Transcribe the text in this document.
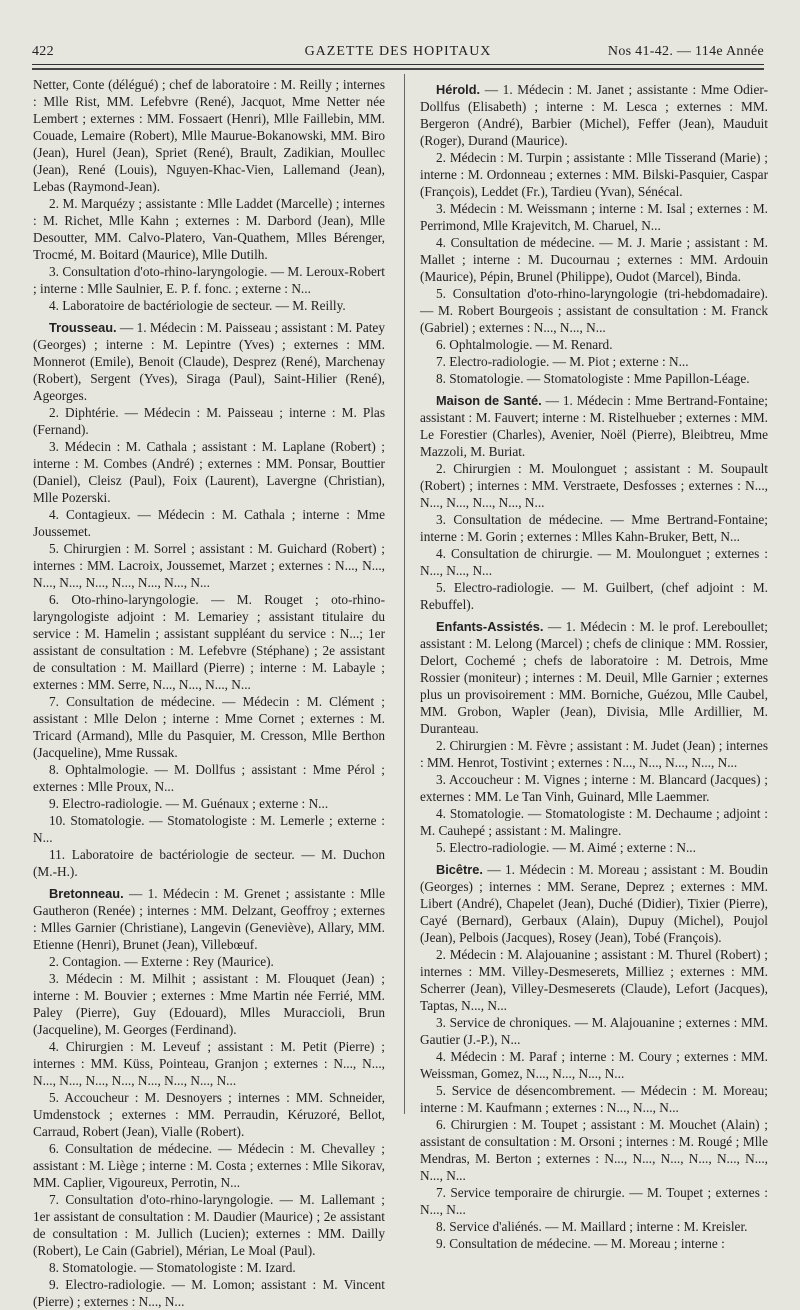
422	GAZETTE DES HOPITAUX	Nos 41-42. — 114e Année

Netter, Conte (délégué) ; chef de laboratoire : M. Reilly ; internes : Mlle Rist, MM. Lefebvre (René), Jacquot, Mme Netter née Lembert ; externes : MM. Fossaert (Henri), Mlle Faillebin, MM. Couade, Lemaire (Robert), Mlle Maurue-Bokanowski, MM. Biro (Jean), Hurel (Jean), Spriet (René), Brault, Zadikian, Moullec (Jean), René (Louis), Nguyen-Khac-Vien, Lallemand (Jean), Lebas (Raymond-Jean).

2. M. Marquézy ; assistante : Mlle Laddet (Marcelle) ; internes : M. Richet, Mlle Kahn ; externes : M. Darbord (Jean), Mlle Desoutter, MM. Calvo-Platero, Van-Quathem, Mlles Bérenger, Trocmé, M. Boitard (Maurice), Mlle Dutilh.

3. Consultation d'oto-rhino-laryngologie. — M. Leroux-Robert ; interne : Mlle Saulnier, E. P. f. fonc. ; externe : N...

4. Laboratoire de bactériologie de secteur. — M. Reilly.

Trousseau. — 1. Médecin : M. Paisseau ; assistant : M. Patey (Georges) ; interne : M. Lepintre (Yves) ; externes : MM. Monnerot (Emile), Benoit (Claude), Desprez (René), Marchenay (Robert), Sergent (Yves), Siraga (Paul), Saint-Hilier (René), Ageorges.

2. Diphtérie. — Médecin : M. Paisseau ; interne : M. Plas (Fernand).

3. Médecin : M. Cathala ; assistant : M. Laplane (Robert) ; interne : M. Combes (André) ; externes : MM. Ponsar, Bouttier (Daniel), Cleisz (Paul), Foix (Laurent), Lavergne (Christian), Mlle Pozerski.

4. Contagieux. — Médecin : M. Cathala ; interne : Mme Joussemet.

5. Chirurgien : M. Sorrel ; assistant : M. Guichard (Robert) ; internes : MM. Lacroix, Joussemet, Marzet ; externes : N..., N..., N..., N..., N..., N..., N..., N..., N...

6. Oto-rhino-laryngologie. — M. Rouget ; oto-rhino-laryngologiste adjoint : M. Lemariey ; assistant titulaire du service : M. Hamelin ; assistant suppléant du service : N...; 1er assistant de consultation : M. Lefebvre (Stéphane) ; 2e assistant de consultation : M. Maillard (Pierre) ; interne : M. Labayle ; externes : MM. Serre, N..., N..., N..., N...

7. Consultation de médecine. — Médecin : M. Clément ; assistant : Mlle Delon ; interne : Mme Cornet ; externes : M. Tricard (Armand), Mlle du Pasquier, M. Cresson, Mlle Berthon (Jacqueline), Mme Russak.

8. Ophtalmologie. — M. Dollfus ; assistant : Mme Pérol ; externes : Mlle Proux, N...

9. Electro-radiologie. — M. Guénaux ; externe : N...

10. Stomatologie. — Stomatologiste : M. Lemerle ; externe : N...

11. Laboratoire de bactériologie de secteur. — M. Duchon (M.-H.).

Bretonneau. — 1. Médecin : M. Grenet ; assistante : Mlle Gautheron (Renée) ; internes : MM. Delzant, Geoffroy ; externes : Mlles Garnier (Christiane), Langevin (Geneviève), Allary, MM. Etienne (Henri), Brunet (Jean), Villebœuf.

2. Contagion. — Externe : Rey (Maurice).

3. Médecin : M. Milhit ; assistant : M. Flouquet (Jean) ; interne : M. Bouvier ; externes : Mme Martin née Ferrié, MM. Paley (Pierre), Guy (Edouard), Mlles Muraccioli, Brun (Jacqueline), M. Georges (Ferdinand).

4. Chirurgien : M. Leveuf ; assistant : M. Petit (Pierre) ; internes : MM. Küss, Pointeau, Granjon ; externes : N..., N..., N..., N..., N..., N..., N..., N..., N..., N...

5. Accoucheur : M. Desnoyers ; internes : MM. Schneider, Umdenstock ; externes : MM. Perraudin, Kéruzoré, Bellot, Carraud, Robert (Jean), Vialle (Robert).

6. Consultation de médecine. — Médecin : M. Chevalley ; assistant : M. Liège ; interne : M. Costa ; externes : Mlle Sikorav, MM. Caplier, Vigoureux, Perrotin, N...

7. Consultation d'oto-rhino-laryngologie. — M. Lallemant ; 1er assistant de consultation : M. Daudier (Maurice) ; 2e assistant de consultation : M. Jullich (Lucien); externes : MM. Dailly (Robert), Le Cain (Gabriel), Mérian, Le Moal (Paul).

8. Stomatologie. — Stomatologiste : M. Izard.

9. Electro-radiologie. — M. Lomon; assistant : M. Vincent (Pierre) ; externes : N..., N...

Hérold. — 1. Médecin : M. Janet ; assistante : Mme Odier-Dollfus (Elisabeth) ; interne : M. Lesca ; externes : MM. Bergeron (André), Barbier (Michel), Feffer (Jean), Mauduit (Roger), Durand (Maurice).

2. Médecin : M. Turpin ; assistante : Mlle Tisserand (Marie) ; interne : M. Ordonneau ; externes : MM. Bilski-Pasquier, Caspar (François), Leddet (Fr.), Tardieu (Yvan), Sénécal.

3. Médecin : M. Weissmann ; interne : M. Isal ; externes : M. Perrimond, Mlle Krajevitch, M. Charuel, N...

4. Consultation de médecine. — M. J. Marie ; assistant : M. Mallet ; interne : M. Ducournau ; externes : MM. Ardouin (Maurice), Pépin, Brunel (Philippe), Oudot (Marcel), Binda.

5. Consultation d'oto-rhino-laryngologie (tri-hebdomadaire). — M. Robert Bourgeois ; assistant de consultation : M. Franck (Gabriel) ; externes : N..., N..., N...

6. Ophtalmologie. — M. Renard.

7. Electro-radiologie. — M. Piot ; externe : N...

8. Stomatologie. — Stomatologiste : Mme Papillon-Léage.

Maison de Santé. — 1. Médecin : Mme Bertrand-Fontaine; assistant : M. Fauvert; interne : M. Ristelhueber ; externes : MM. Le Forestier (Charles), Avenier, Noël (Pierre), Bleibtreu, Mme Mazzoli, M. Buriat.

2. Chirurgien : M. Moulonguet ; assistant : M. Soupault (Robert) ; internes : MM. Verstraete, Desfosses ; externes : N..., N..., N..., N..., N..., N...

3. Consultation de médecine. — Mme Bertrand-Fontaine; interne : M. Gorin ; externes : Mlles Kahn-Bruker, Bett, N...

4. Consultation de chirurgie. — M. Moulonguet ; externes : N..., N..., N...

5. Electro-radiologie. — M. Guilbert, (chef adjoint : M. Rebuffel).

Enfants-Assistés. — 1. Médecin : M. le prof. Lereboullet; assistant : M. Lelong (Marcel) ; chefs de clinique : MM. Rossier, Delort, Cochemé ; chefs de laboratoire : M. Detrois, Mme Rossier (moniteur) ; internes : M. Deuil, Mlle Garnier ; externes plus un provisoirement : MM. Borniche, Guézou, Mlle Caubel, MM. Grobon, Wapler (Jean), Divisia, Mlle Ardillier, M. Duranteau.

2. Chirurgien : M. Fèvre ; assistant : M. Judet (Jean) ; internes : MM. Henrot, Tostivint ; externes : N..., N..., N..., N..., N...

3. Accoucheur : M. Vignes ; interne : M. Blancard (Jacques) ; externes : MM. Le Tan Vinh, Guinard, Mlle Laemmer.

4. Stomatologie. — Stomatologiste : M. Dechaume ; adjoint : M. Cauhepé ; assistant : M. Malingre.

5. Electro-radiologie. — M. Aimé ; externe : N...

Bicêtre. — 1. Médecin : M. Moreau ; assistant : M. Boudin (Georges) ; internes : MM. Serane, Deprez ; externes : MM. Libert (André), Chapelet (Jean), Duché (Didier), Tixier (Pierre), Cayé (Bernard), Gerbaux (Alain), Dupuy (Michel), Poujol (Jean), Pelbois (Jacques), Rosey (Jean), Tobé (François).

2. Médecin : M. Alajouanine ; assistant : M. Thurel (Robert) ; internes : MM. Villey-Desmeserets, Milliez ; externes : MM. Scherrer (Jean), Villey-Desmeserets (Claude), Lefort (Jacques), Taptas, N..., N...

3. Service de chroniques. — M. Alajouanine ; externes : MM. Gautier (J.-P.), N...

4. Médecin : M. Paraf ; interne : M. Coury ; externes : MM. Weissman, Gomez, N..., N..., N..., N...

5. Service de désencombrement. — Médecin : M. Moreau; interne : M. Kaufmann ; externes : N..., N..., N...

6. Chirurgien : M. Toupet ; assistant : M. Mouchet (Alain) ; assistant de consultation : M. Orsoni ; internes : M. Rougé ; Mlle Mendras, M. Berton ; externes : N..., N..., N..., N..., N..., N..., N..., N...

7. Service temporaire de chirurgie. — M. Toupet ; externes : N..., N...

8. Service d'aliénés. — M. Maillard ; interne : M. Kreisler.

9. Consultation de médecine. — M. Moreau ; interne :
